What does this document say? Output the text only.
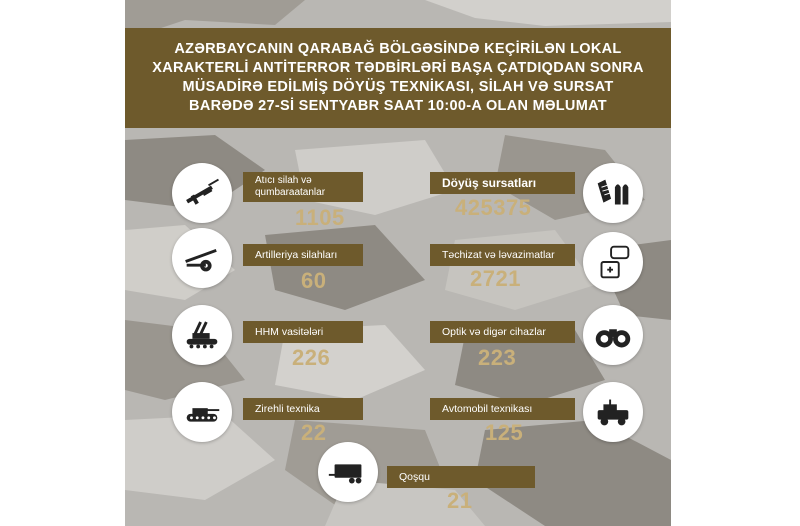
AZƏRBAYCANIN QARABAĞ BÖLGƏSİNDƏ KEÇİRİLƏN LOKAL
XARAKTERLİ ANTİTERROR TƏDBİRLƏRİ BAŞA ÇATDIQDAN SONRA
MÜSADİRƏ EDİLMİŞ DÖYÜŞ TEXNİKASI, SİLAH VƏ SURSAT
BARƏDƏ 27-Sİ SENTYABR SAAT 10:00-A OLAN MƏLUMAT
Atıcı silah və
qumbaraatanlar
1105
Döyüş sursatları
425375
Artilleriya silahları
60
Təchizat və ləvazimatlar
2721
HHM vasitələri
226
Optik və digər cihazlar
223
Zirehli texnika
22
Avtomobil texnikası
125
Qoşqu
21
